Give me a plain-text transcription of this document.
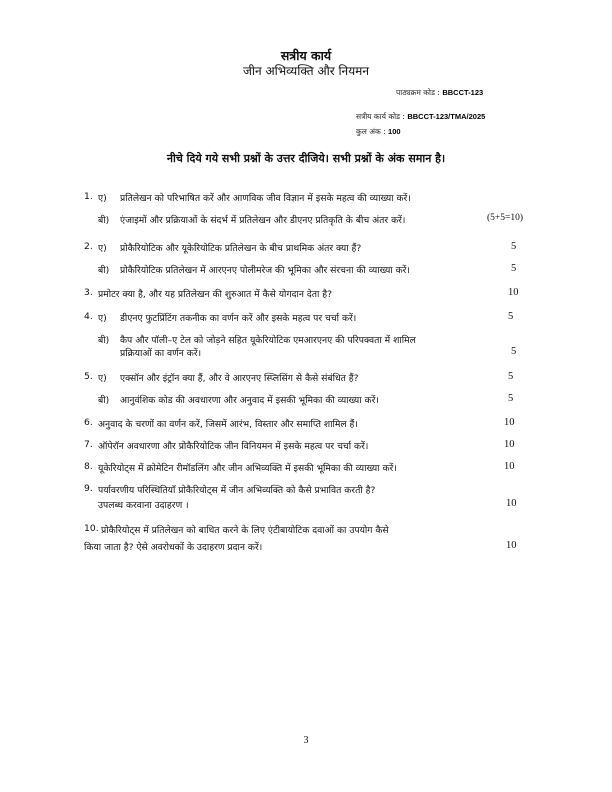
सत्रीय कार्य
जीन अभिव्यक्ति और नियमन
पाठ्यक्रम कोड : BBCCT-123
सत्रीय कार्य कोड : BBCCT-123/TMA/2025
कुल अंक : 100
नीचे दिये गये सभी प्रश्नों के उत्तर दीजिये। सभी प्रश्नों के अंक समान है।
1. ए) प्रतिलेखन को परिभाषित करें और आणविक जीव विज्ञान में इसके महत्व की व्याख्या करें।
बी) एंजाइमों और प्रक्रियाओं के संदर्भ में प्रतिलेखन और डीएनए प्रतिकृति के बीच अंतर करें।	(5+5=10)
2. ए) प्रोकैरियोटिक और यूकेरियोटिक प्रतिलेखन के बीच प्राथमिक अंतर क्या हैं?	5
बी) प्रोकैरियोटिक प्रतिलेखन में आरएनए पोलीमरेज की भूमिका और संरचना की व्याख्या करें।	5
3. प्रमोटर क्या है, और यह प्रतिलेखन की शुरुआत में कैसे योगदान देता है?	10
4. ए) डीएनए फुटप्रिंटिंग तकनीक का वर्णन करें और इसके महत्व पर चर्चा करें।	5
बी) कैप और पॉली–ए टेल को जोड़ने सहित यूकेरियोटिक एमआरएनए की परिपक्वता में शामिल
प्रक्रियाओं का वर्णन करें।	5
5. ए) एक्सॉन और इंट्रॉन क्या हैं, और वे आरएनए स्प्लिसिंग से कैसे संबंधित हैं?	5
बी) आनुवंशिक कोड की अवधारणा और अनुवाद में इसकी भूमिका की व्याख्या करें।	5
6. अनुवाद के चरणों का वर्णन करें, जिसमें आरंभ, विस्तार और समाप्ति शामिल हैं।	10
7. ऑपेरॉन अवधारणा और प्रोकैरियोटिक जीन विनियमन में इसके महत्व पर चर्चा करें।	10
8. यूकेरियोट्स में क्रोमेटिन रीमॉडलिंग और जीन अभिव्यक्ति में इसकी भूमिका की व्याख्या करें।	10
9. पर्यावरणीय परिस्थितियाँ प्रोकैरियोट्स में जीन अभिव्यक्ति को कैसे प्रभावित करती है?
उपलब्ध करवाना उदाहरण ।	10
10. प्रोकैरियोट्स में प्रतिलेखन को बाधित करने के लिए एंटीबायोटिक दवाओं का उपयोग कैसे
किया जाता है? ऐसे अवरोधकों के उदाहरण प्रदान करें।	10
3
